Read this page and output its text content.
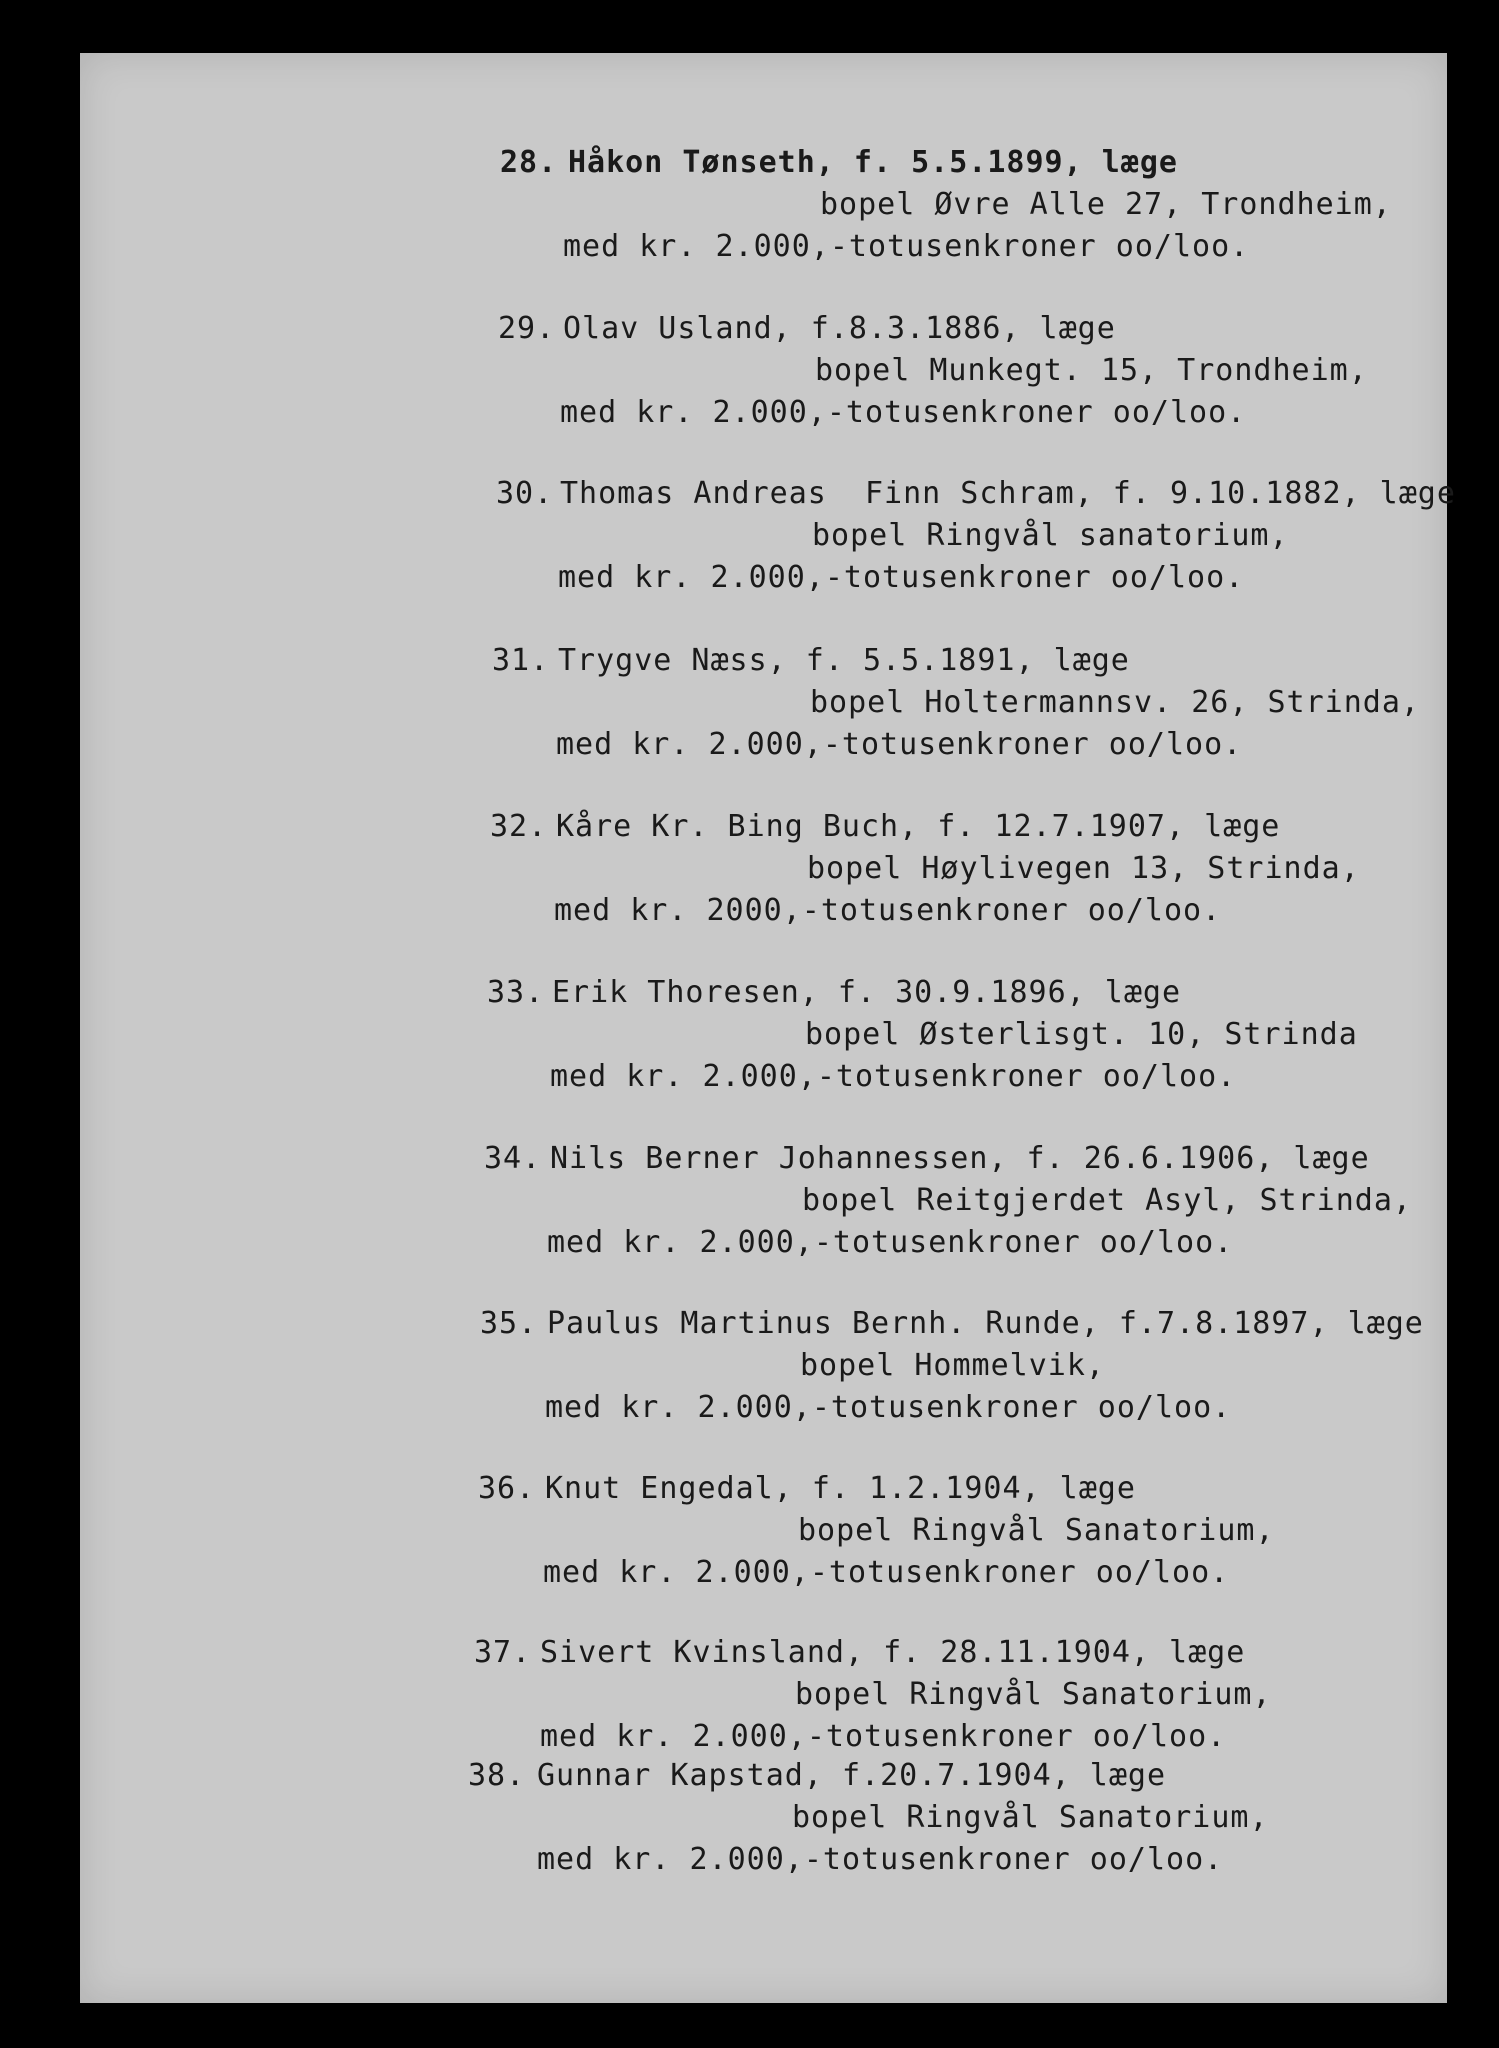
28.

Håkon Tønseth, f. 5.5.1899, læge

bopel Øvre Alle 27, Trondheim,

med kr. 2.000,-totusenkroner oo/loo.

29.

Olav Usland, f.8.3.1886, læge

bopel Munkegt. 15, Trondheim,

med kr. 2.000,-totusenkroner oo/loo.

30.

Thomas Andreas  Finn Schram, f. 9.10.1882, læge

bopel Ringvål sanatorium,

med kr. 2.000,-totusenkroner oo/loo.

31.

Trygve Næss, f. 5.5.1891, læge

bopel Holtermannsv. 26, Strinda,

med kr. 2.000,-totusenkroner oo/loo.

32.

Kåre Kr. Bing Buch, f. 12.7.1907, læge

bopel Høylivegen 13, Strinda,

med kr. 2000,-totusenkroner oo/loo.

33.

Erik Thoresen, f. 30.9.1896, læge

bopel Østerlisgt. 10, Strinda

med kr. 2.000,-totusenkroner oo/loo.

34.

Nils Berner Johannessen, f. 26.6.1906, læge

bopel Reitgjerdet Asyl, Strinda,

med kr. 2.000,-totusenkroner oo/loo.

35.

Paulus Martinus Bernh. Runde, f.7.8.1897, læge

bopel Hommelvik,

med kr. 2.000,-totusenkroner oo/loo.

36.

Knut Engedal, f. 1.2.1904, læge

bopel Ringvål Sanatorium,

med kr. 2.000,-totusenkroner oo/loo.

37.

Sivert Kvinsland, f. 28.11.1904, læge

bopel Ringvål Sanatorium,

med kr. 2.000,-totusenkroner oo/loo.

38.

Gunnar Kapstad, f.20.7.1904, læge

bopel Ringvål Sanatorium,

med kr. 2.000,-totusenkroner oo/loo.
